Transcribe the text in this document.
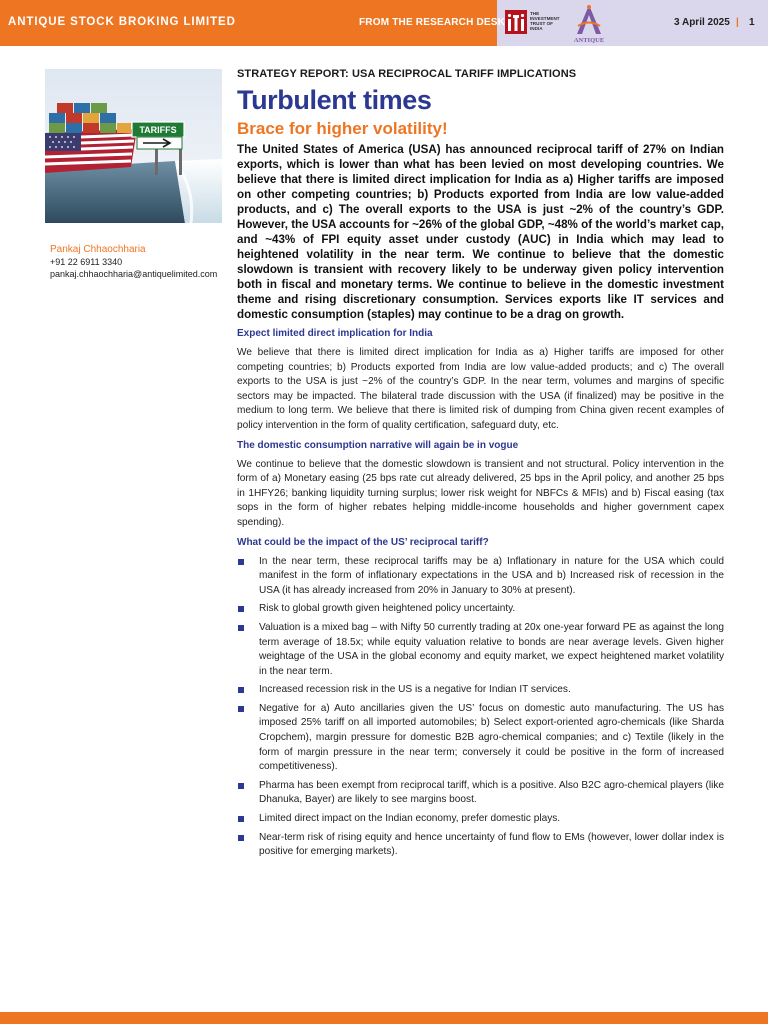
ANTIQUE STOCK BROKING LIMITED	FROM THE RESEARCH DESK
THE INVESTMENT TRUST OF INDIA
ANTIQUE
3 April 2025 | 1
TARIFFS
Pankaj Chhaochharia
+91 22 6911 3340
pankaj.chhaochharia@antiquelimited.com
STRATEGY REPORT: USA RECIPROCAL TARIFF IMPLICATIONS
Turbulent times
Brace for higher volatility!

The United States of America (USA) has announced reciprocal tariff of 27% on Indian exports, which is lower than what has been levied on most developing countries. We believe that there is limited direct implication for India as a) Higher tariffs are imposed on other competing countries; b) Products exported from India are low value-added products, and c) The overall exports to the USA is just ~2% of the country’s GDP. However, the USA accounts for ~26% of the global GDP, ~48% of the world’s market cap, and ~43% of FPI equity asset under custody (AUC) in India which may lead to heightened volatility in the near term. We continue to believe that the domestic slowdown is transient with recovery likely to be underway given policy intervention both in fiscal and monetary terms. We continue to believe in the domestic investment theme and rising discretionary consumption. Services exports like IT services and domestic consumption (staples) may continue to be a drag on growth.

Expect limited direct implication for India

We believe that there is limited direct implication for India as a) Higher tariffs are imposed for other competing countries; b) Products exported from India are low value-added products; and c) The overall exports to the USA is just ~2% of the country’s GDP. In the near term, volumes and margins of specific sectors may be impacted. The bilateral trade discussion with the USA (if finalized) may be positive in the medium to long term. We believe that there is limited risk of dumping from China given recent examples of policy intervention in the form of quality certification, safeguard duty, etc.

The domestic consumption narrative will again be in vogue

We continue to believe that the domestic slowdown is transient and not structural. Policy intervention in the form of a) Monetary easing (25 bps rate cut already delivered, 25 bps in the April policy, and another 25 bps in 1HFY26; banking liquidity turning surplus; lower risk weight for NBFCs & MFIs) and b) Fiscal easing (tax sops in the form of higher rebates helping middle-income households and higher government capex spending).

What could be the impact of the US’ reciprocal tariff?
In the near term, these reciprocal tariffs may be a) Inflationary in nature for the USA which could manifest in the form of inflationary expectations in the USA and b) Increased risk of recession in the USA (it has already increased from 20% in January to 30% at present).
Risk to global growth given heightened policy uncertainty.
Valuation is a mixed bag – with Nifty 50 currently trading at 20x one-year forward PE as against the long term average of 18.5x; while equity valuation relative to bonds are near average levels. Given higher weightage of the USA in the global economy and equity market, we expect heightened market volatility in the near term.
Increased recession risk in the US is a negative for Indian IT services.
Negative for a) Auto ancillaries given the US’ focus on domestic auto manufacturing. The US has imposed 25% tariff on all imported automobiles; b) Select export-oriented agro-chemicals (like Sharda Cropchem), margin pressure for domestic B2B agro-chemical companies; and c) Textile (likely in the form of margin pressure in the near term; conversely it could be positive in the form of increased competitiveness).
Pharma has been exempt from reciprocal tariff, which is a positive. Also B2C agro-chemical players (like Dhanuka, Bayer) are likely to see margins boost.
Limited direct impact on the Indian economy, prefer domestic plays.
Near-term risk of rising equity and hence uncertainty of fund flow to EMs (however, lower dollar index is positive for emerging markets).
